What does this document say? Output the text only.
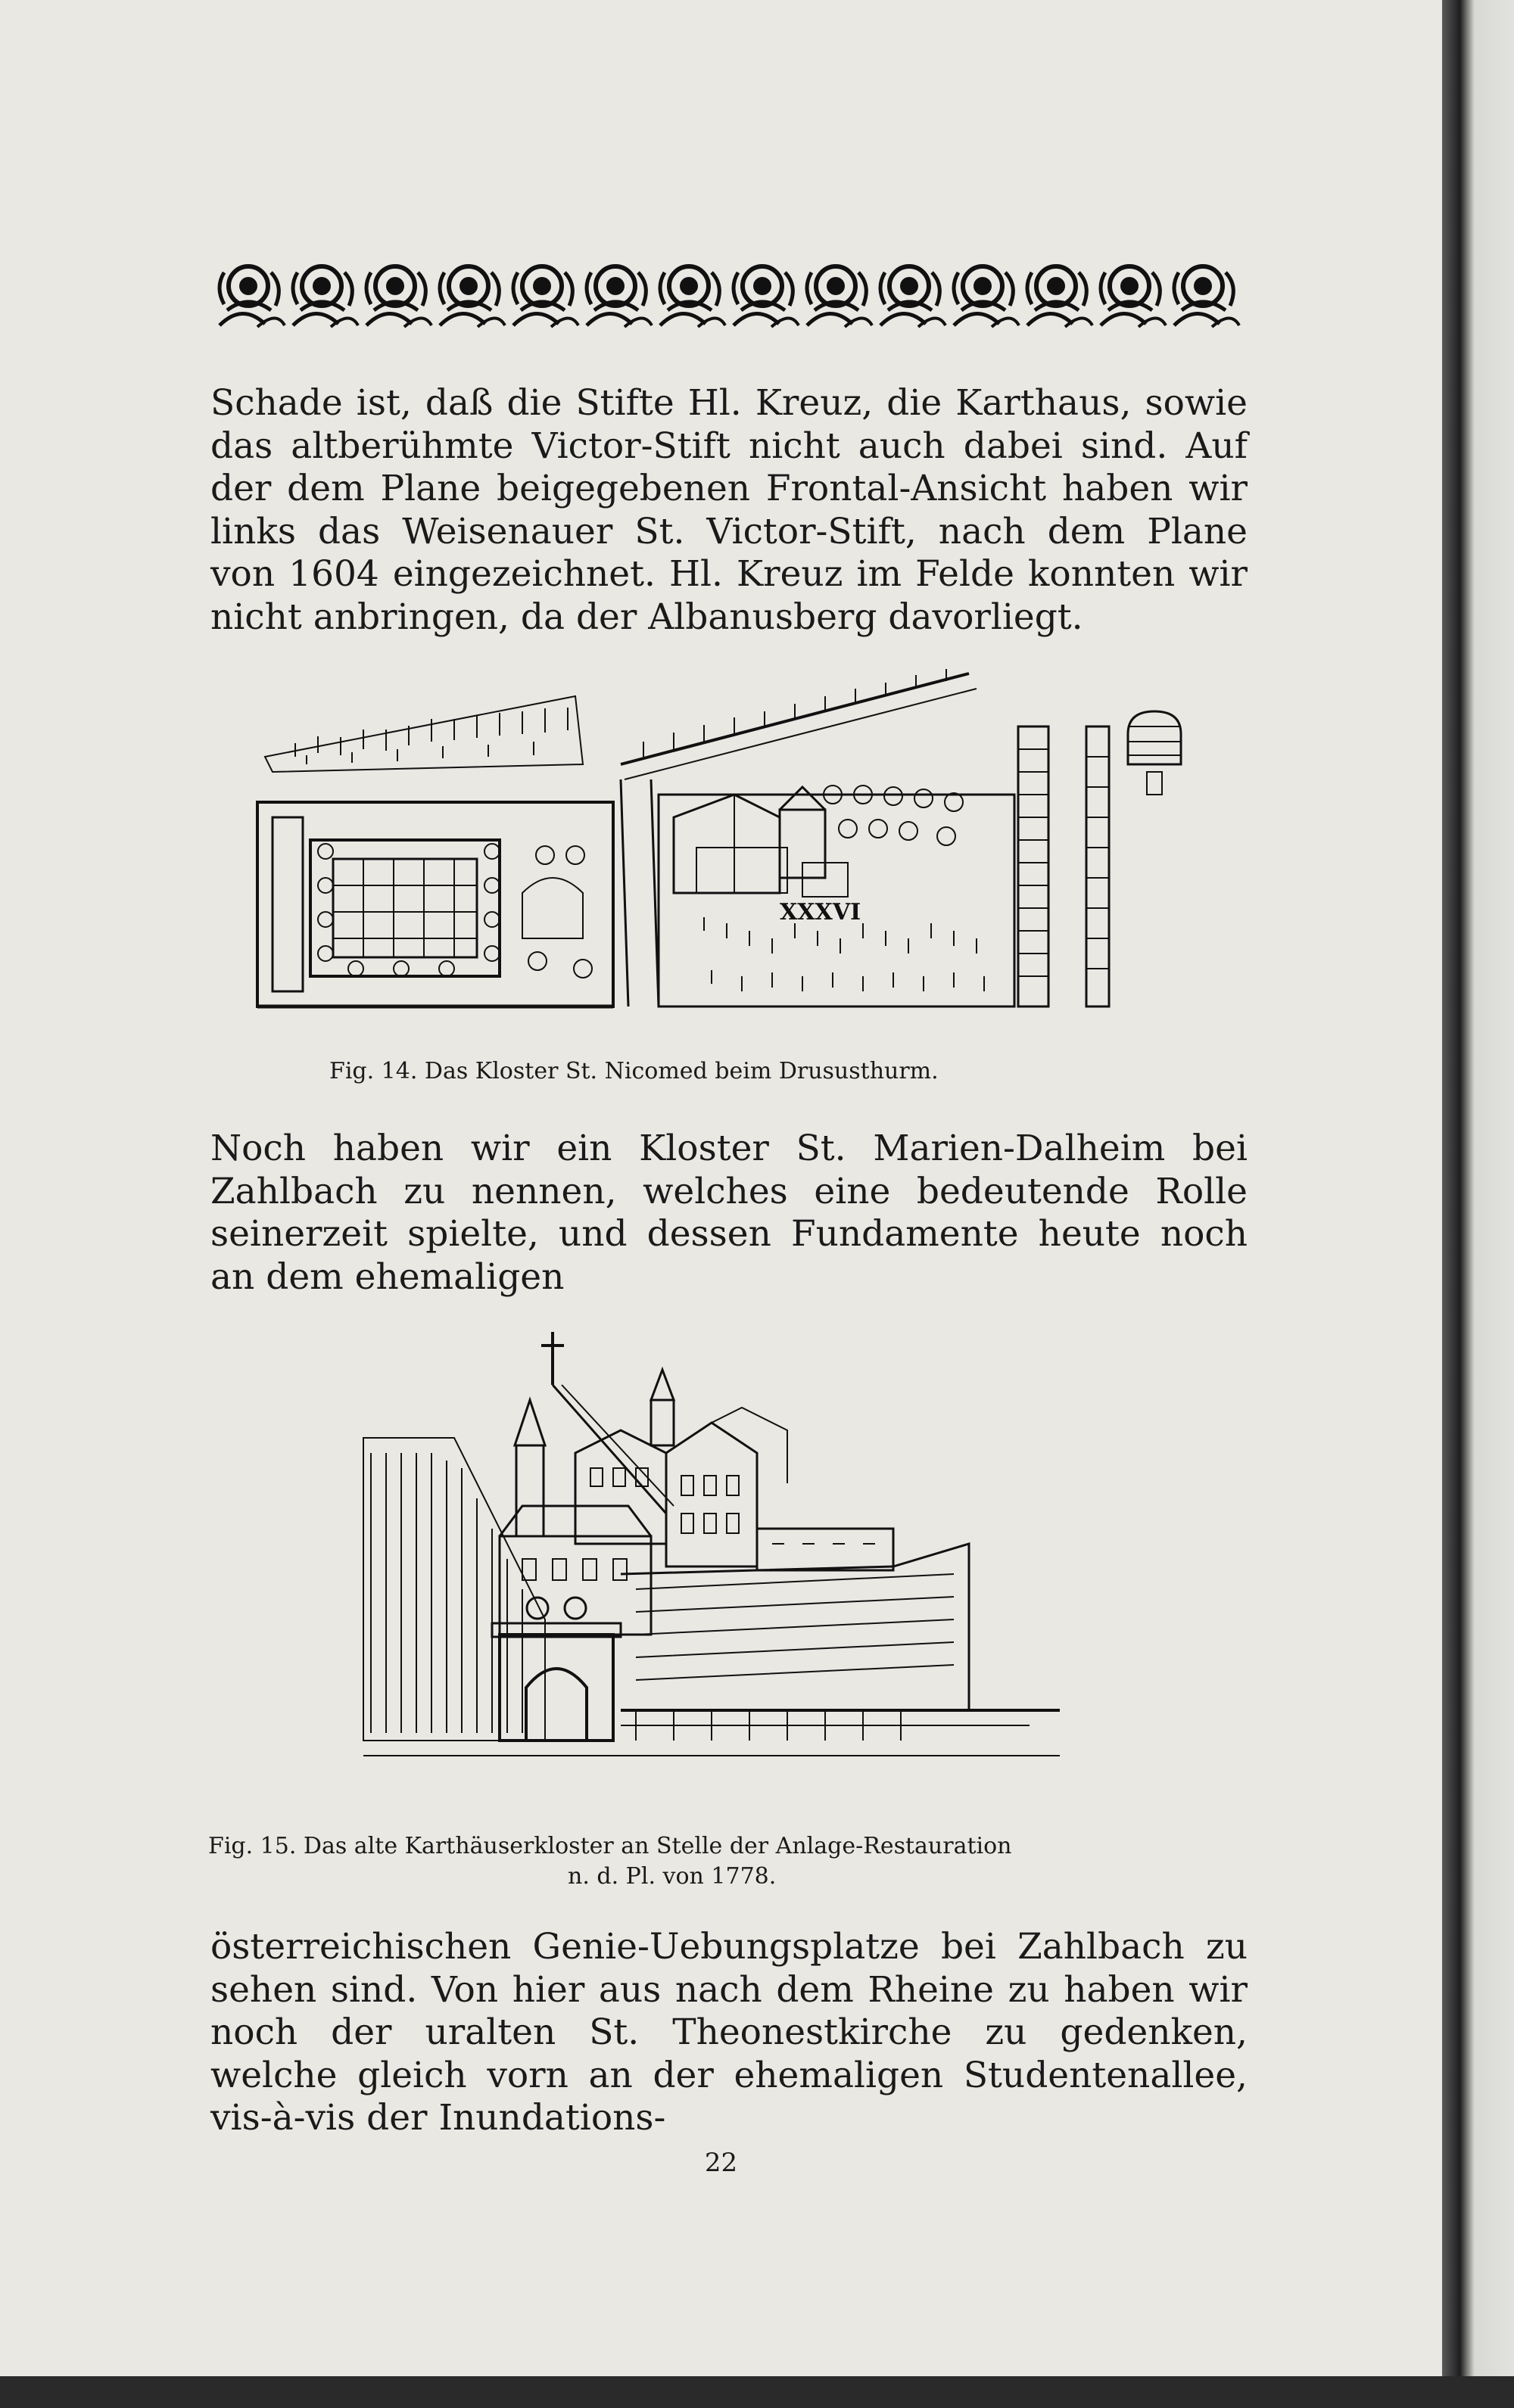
Schade ist, daß die Stifte Hl. Kreuz, die Karthaus, sowie das altberühmte Victor-Stift nicht auch dabei sind. Auf der dem Plane beigegebenen Frontal-Ansicht haben wir links das Weisenauer St. Victor-Stift, nach dem Plane von 1604 eingezeichnet. Hl. Kreuz im Felde konnten wir nicht anbringen, da der Albanusberg davorliegt.

XXXVI
Fig. 14. Das Kloster St. Nicomed beim Drususthurm.

Noch haben wir ein Kloster St. Marien-Dalheim bei Zahlbach zu nennen, welches eine bedeutende Rolle seinerzeit spielte, und dessen Fundamente heute noch an dem ehemaligen

Fig. 15. Das alte Karthäuserkloster an Stelle der Anlage-Restauration
n. d. Pl. von 1778.

österreichischen Genie-Uebungsplatze bei Zahlbach zu sehen sind. Von hier aus nach dem Rheine zu haben wir noch der uralten St. Theonestkirche zu gedenken, welche gleich vorn an der ehemaligen Studentenallee, vis-à-vis der Inundations-

22
